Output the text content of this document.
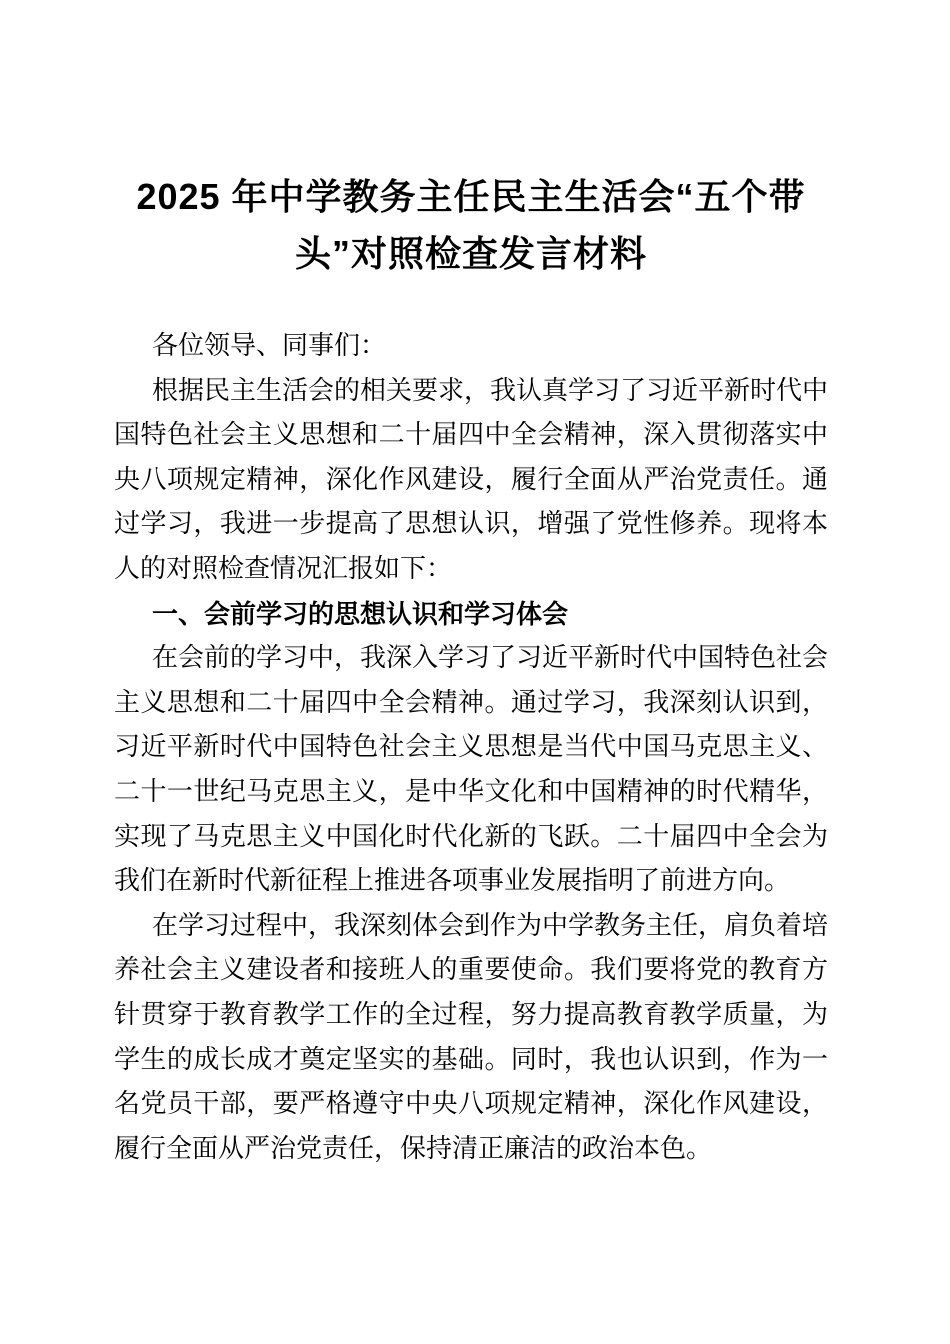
2025 年中学教务主任民主生活会“五个带
头”对照检查发言材料

各位领导、同事们：

根据民主生活会的相关要求，我认真学习了习近平新时代中国特色社会主义思想和二十届四中全会精神，深入贯彻落实中央八项规定精神，深化作风建设，履行全面从严治党责任。通过学习，我进一步提高了思想认识，增强了党性修养。现将本人的对照检查情况汇报如下：

一、会前学习的思想认识和学习体会

在会前的学习中，我深入学习了习近平新时代中国特色社会主义思想和二十届四中全会精神。通过学习，我深刻认识到，习近平新时代中国特色社会主义思想是当代中国马克思主义、二十一世纪马克思主义，是中华文化和中国精神的时代精华，实现了马克思主义中国化时代化新的飞跃。二十届四中全会为我们在新时代新征程上推进各项事业发展指明了前进方向。

在学习过程中，我深刻体会到作为中学教务主任，肩负着培养社会主义建设者和接班人的重要使命。我们要将党的教育方针贯穿于教育教学工作的全过程，努力提高教育教学质量，为学生的成长成才奠定坚实的基础。同时，我也认识到，作为一名党员干部，要严格遵守中央八项规定精神，深化作风建设，履行全面从严治党责任，保持清正廉洁的政治本色。
